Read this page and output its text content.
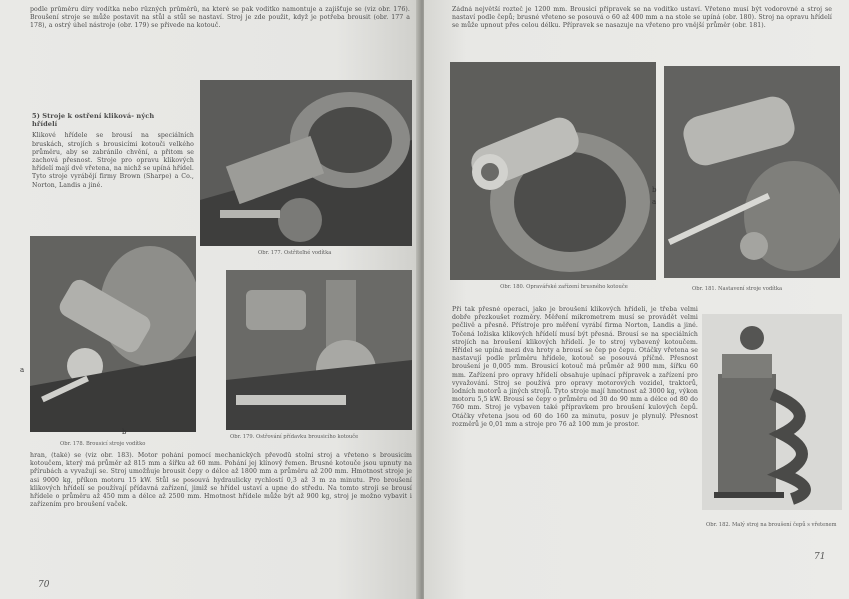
podle průměru díry vodítka nebo různých průměrů, na které se pak vodítko namontuje a zajišťuje se (viz obr. 176). Broušení stroje se může postavit na stůl a stůl se nastaví. Stroj je zde použit, když je potřeba brousit (obr. 177 a 178), a ostrý úhel nástroje (obr. 179) se přivede na kotouč.

5) Stroje k ostření kliková- ných

hřídelí

Klikové hřídele se brousí na speciálních bruskách, strojích s brousicími kotouči velkého průměru, aby se zabránilo chvění, a přitom se zachová přesnost. Stroje pro opravu klikových hřídelí mají dvě vřetena, na nichž se upíná hřídel. Tyto stroje vyrábějí firmy Brown (Sharpe) a Co., Norton, Landis a jiné.

Obr. 177. Ostřiteľné vodítka
a
b
Obr. 178. Brousicí stroje vodítko
Obr. 179. Ostřování přídavku brousicího kotouče

hran, (také) se (viz obr. 183). Motor pohání pomocí mechanických převodů stolní stroj a vřeteno s brousicím kotoučem, který má průměr až 815 mm a šířku až 60 mm. Pohání jej klínový řemen. Brusné kotouče jsou upnuty na přírubách a vyvažují se. Stroj umožňuje brousit čepy o délce až 1800 mm a průměru až 200 mm. Hmotnost stroje je asi 9000 kg, příkon motoru 15 kW. Stůl se posouvá hydraulicky rychlostí 0,3 až 3 m za minutu. Pro broušení klikových hřídelí se používají přídavná zařízení, jimiž se hřídel ustaví a upne do středu. Na tomto stroji se brousí hřídele o průměru až 450 mm a délce až 2500 mm. Hmotnost hřídele může být až 900 kg, stroj je možno vybavit i zařízením pro broušení vaček.

70

Žádná největší rozteč je 1200 mm. Brousicí přípravek se na vodítko ustaví. Vřeteno musí být vodorovné a stroj se nastaví podle čepů; brusné vřeteno se posouvá o 60 až 400 mm a na stole se upíná (obr. 180). Stroj na opravu hřídelí se může upnout přes celou délku. Přípravek se nasazuje na vřeteno pro vnější průměr (obr. 181).

Obr. 180. Opravářské zařízení brusného kotouče
b
a
Obr. 181. Nastavení stroje vodítka

Při tak přesné operaci, jako je broušení klikových hřídelí, je třeba velmi dobře přezkoušet rozměry. Měření mikrometrem musí se provádět velmi pečlivě a přesně. Přístroje pro měření vyrábí firma Norton, Landis a jiné. Točená ložiska klikových hřídelí musí být přesná. Brousí se na speciálních strojích na broušení klikových hřídelí. Je to stroj vybavený kotoučem. Hřídel se upíná mezi dva hroty a brousí se čep po čepu. Otáčky vřetena se nastavují podle průměru hřídele, kotouč se posouvá příčně. Přesnost broušení je 0,005 mm. Brousicí kotouč má průměr až 900 mm, šířku 60 mm. Zařízení pro opravy hřídelí obsahuje upínací přípravek a zařízení pro vyvažování. Stroj se používá pro opravy motorových vozidel, traktorů, lodních motorů a jiných strojů. Tyto stroje mají hmotnost až 3000 kg, výkon motoru 5,5 kW. Brousí se čepy o průměru od 30 do 90 mm a délce od 80 do 760 mm. Stroj je vybaven také přípravkem pro broušení kulových čepů. Otáčky vřetena jsou od 60 do 160 za minutu, posuv je plynulý. Přesnost rozměrů je 0,01 mm a stroje pro 76 až 100 mm je prostor.

Obr. 182. Malý stroj na broušení čepů s vřetenem
71
